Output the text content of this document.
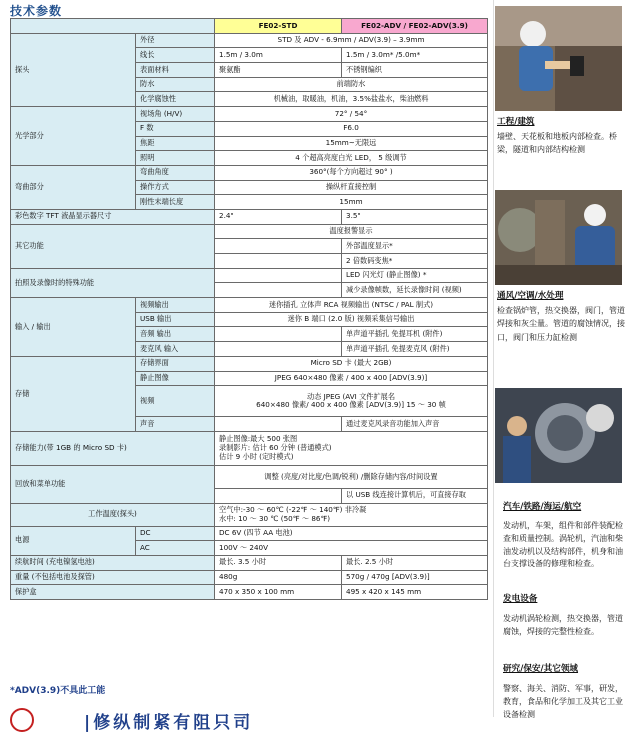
技术参数
		FE02-STD	FE02-ADV / FE02-ADV(3.9)
探头	外径	STD 及 ADV - 6.9mm / ADV(3.9) – 3.9mm	
	线长	1.5m / 3.0m	1.5m / 3.0m* /5.0m*
	表面材料	聚氨酯	不锈钢编织
	防水	前端防水	
	化学腐蚀性	机械油，取暖油，机油，3.5%盐盐水，柴油燃料	
光学部分	视场角 (H/V)	72° / 54°	
	F 数	F6.0	
	焦距	15mm~无限远	
	照明	4 个超高亮度白光 LED， 5 级调节	
弯曲部分	弯曲角度	360°(每个方向超过 90° )	
	操作方式	操纵杆直接控制	
	刚性末端长度	15mm	
彩色数字 TFT 液晶显示器尺寸		2.4"	3.5"
其它功能		温度报警显示	
			外部温度显示*
			2 倍数码变焦*
拍照及录像时的特殊功能			LED 闪光灯 (静止图像) *
			减少录像帧数，延长录像时间 (视频)
输入 / 输出	视频输出	迷你插孔 立体声 RCA 视频输出 (NTSC / PAL 制式)	
	USB 输出	迷你 B 端口 (2.0 版) 视频采集信号输出	
	音频 输出		单声道平插孔 免提耳机 (附件)
	麦克风 输入		单声道平插孔 免提麦克风 (附件)
存储	存储界面	Micro SD 卡 (最大 2GB)	
	静止图像	JPEG 640×480 像素 / 400 x 400 [ADV(3.9)]	
	视频	动态 JPEG (AVI 文件扩展名
640×480 像素/ 400 x 400 像素 [ADV(3.9)] 15 ～ 30 帧	

	声音		通过麦克风录音功能加入声音
存储能力(带 1GB 的 Micro SD 卡)		静止图像:最大 500 张图
录制影片: 估计 60 分钟 (普通模式)
估计 9 小时 (定时模式)	

回放和菜单功能		调整 (亮度/对比度/色调/锐利) /删除存储内容/时间设置	
			以 USB 线连接计算机后，可直接存取
工作温度(探头)		空气中:-30 ～ 60℃ (-22℉ ～ 140℉) 非冷凝
水中: 10 ～ 30 ℃ (50℉ ～ 86℉)	

电源	DC	DC 6V (四节 AA 电池)	
	AC	100V ～ 240V	
续航时间 (充电镍氢电池)		最长. 3.5 小时	最长. 2.5 小时
重量 (不包括电池及探管)		480g	570g / 470g [ADV(3.9)]
保护盒		470 x 350 x 100 mm	495 x 420 x 145 mm
*ADV(3.9)不具此工能
|修纵制紧有阻只司
工程/建筑
墙壁、天花板和地板内部检查。桥梁，隧道和内部结构检测
通风/空调/水处理
检查锅炉管，热交换器，阀门，管道焊接和灰尘量。管道的腐蚀情况，接口，阀门和压力缸检测
汽车/铁路/海运/航空
发动机，车架，组件和部件装配检查和质量控制。涡轮机，汽油和柴油发动机以及结构部件，机身和油台支撑设备的修理和检查。
发电设备
发动机涡轮检测，热交换器，管道腐蚀，焊接的完整性检查。
研究/保安/其它领域
警察、海关、消防、军事，研发，教育，食品和化学加工及其它工业设备检测
